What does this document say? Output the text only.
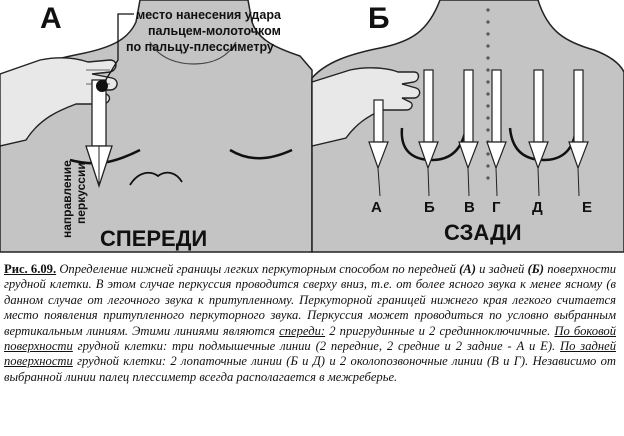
А	место нанесения удара
пальцем-молоточком
по пальцу-плессиметру
направление перкуссии
СПЕРЕДИ
Б
А	Б В Г Д	Е
СЗАДИ

Рис. 6.09. Определение нижней границы легких перкуторным способом по передней (А) и задней (Б) поверхности грудной клетки. В этом случае перкуссия проводится сверху вниз, т.е. от более ясного звука к менее ясному (в данном случае от легочного звука к притупленному. Перкуторной границей нижнего края легкого считается место появления притупленного перкуторного звука. Перкуссия может проводиться по условно выбранным вертикальным линиям. Этими линиями являются спереди: 2 пригрудинные и 2 срединноключичные. По боковой поверхности грудной клетки: три подмышечные линии (2 передние, 2 средние и 2 задние - А и Е). По задней поверхности грудной клетки: 2 лопаточные линии (Б и Д) и 2 околопозвоночные линии (В и Г). Независимо от выбранной линии палец плессиметр всегда располагается в межреберье.
